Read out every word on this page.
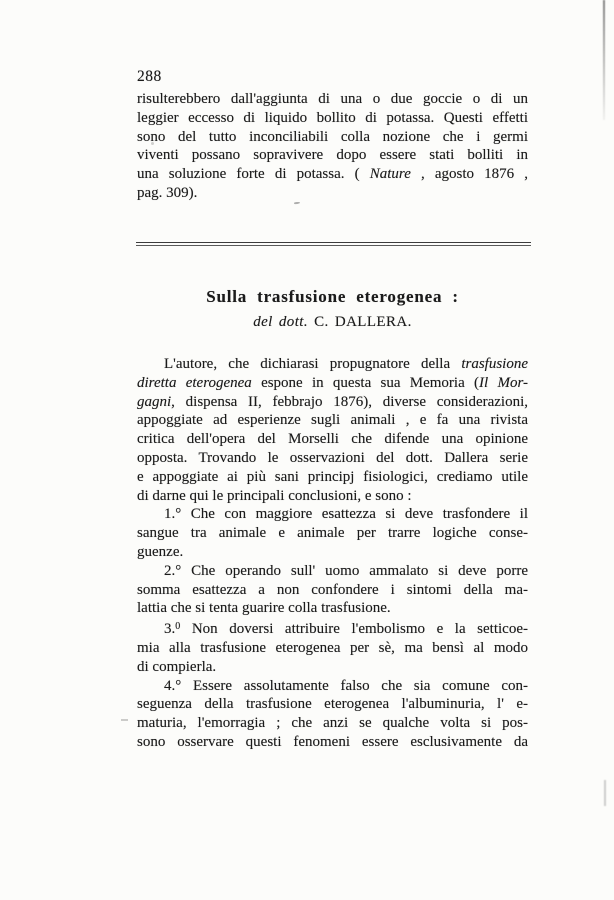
288
risulterebbero dall'aggiunta di una o due goccie o di un
leggier eccesso di liquido bollito di potassa. Questi effetti
sono del tutto inconciliabili colla nozione che i germi
viventi possano sopravivere dopo essere stati bolliti in
una soluzione forte di potassa. ( Nature , agosto 1876 ,
pag. 309).
Sulla trasfusione eterogenea :
del dott. C. DALLERA.
L'autore, che dichiarasi propugnatore della trasfusione
diretta eterogenea espone in questa sua Memoria (Il Mor-
gagni, dispensa II, febbrajo 1876), diverse considerazioni,
appoggiate ad esperienze sugli animali , e fa una rivista
critica dell'opera del Morselli che difende una opinione
opposta. Trovando le osservazioni del dott. Dallera serie
e appoggiate ai più sani principj fisiologici, crediamo utile
di darne qui le principali conclusioni, e sono :
1.° Che con maggiore esattezza si deve trasfondere il
sangue tra animale e animale per trarre logiche conse-
guenze.
2.° Che operando sull' uomo ammalato si deve porre
somma esattezza a non confondere i sintomi della ma-
lattia che si tenta guarire colla trasfusione.
3.$^0$ Non doversi attribuire l'embolismo e la setticoe-
mia alla trasfusione eterogenea per sè, ma bensì al modo
di compierla.
4.° Essere assolutamente falso che sia comune con-
seguenza della trasfusione eterogenea l'albuminuria, l' e-
maturia, l'emorragia ; che anzi se qualche volta si pos-
sono osservare questi fenomeni essere esclusivamente da
